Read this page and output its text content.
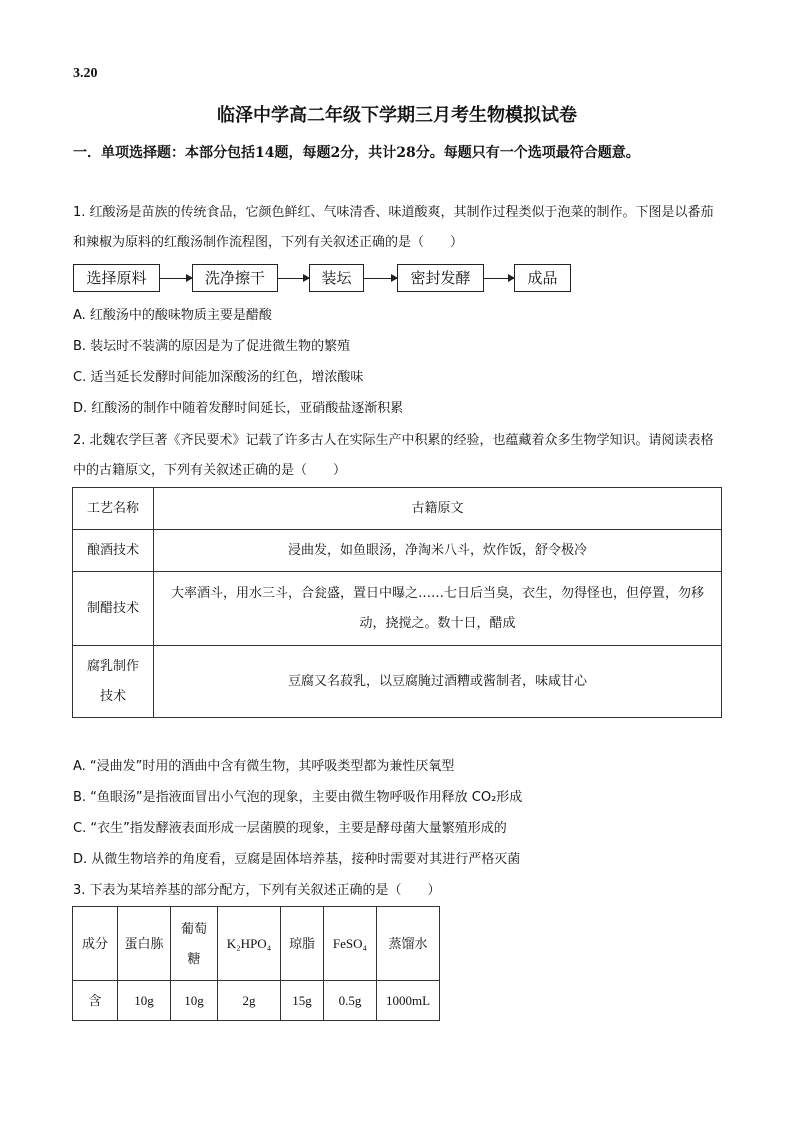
3.20
临泽中学高二年级下学期三月考生物模拟试卷
一．单项选择题：本部分包括14题，每题2分，共计28分。每题只有一个选项最符合题意。
1. 红酸汤是苗族的传统食品，它颜色鲜红、气味清香、味道酸爽，其制作过程类似于泡菜的制作。下图是以番茄和辣椒为原料的红酸汤制作流程图，下列有关叙述正确的是（　　）
选择原料	洗净擦干	装坛	密封发酵	成品
A. 红酸汤中的酸味物质主要是醋酸
B. 装坛时不装满的原因是为了促进微生物的繁殖
C. 适当延长发酵时间能加深酸汤的红色，增浓酸味
D. 红酸汤的制作中随着发酵时间延长，亚硝酸盐逐渐积累
2. 北魏农学巨著《齐民要术》记载了许多古人在实际生产中积累的经验，也蕴藏着众多生物学知识。请阅读表格中的古籍原文，下列有关叙述正确的是（　　）
工艺名称	古籍原文
酿酒技术	浸曲发，如鱼眼汤，净淘米八斗，炊作饭，舒令极冷
制醋技术	大率酒斗，用水三斗，合瓮盛，置日中曝之……七日后当臭，衣生，勿得怪也，但停置，勿移动，挠搅之。数十日，醋成
腐乳制作技术	豆腐又名菽乳，以豆腐腌过酒糟或酱制者，味咸甘心
A. “浸曲发”时用的酒曲中含有微生物，其呼吸类型都为兼性厌氧型
B. “鱼眼汤”是指液面冒出小气泡的现象，主要由微生物呼吸作用释放 CO₂形成
C. “衣生”指发酵液表面形成一层菌膜的现象，主要是酵母菌大量繁殖形成的
D. 从微生物培养的角度看，豆腐是固体培养基，接种时需要对其进行严格灭菌
3. 下表为某培养基的部分配方，下列有关叙述正确的是（　　）
成分	蛋白胨	葡萄糖	K₂HPO₄	琼脂	FeSO₄	蒸馏水
含	10g	10g	2g	15g	0.5g	1000mL
